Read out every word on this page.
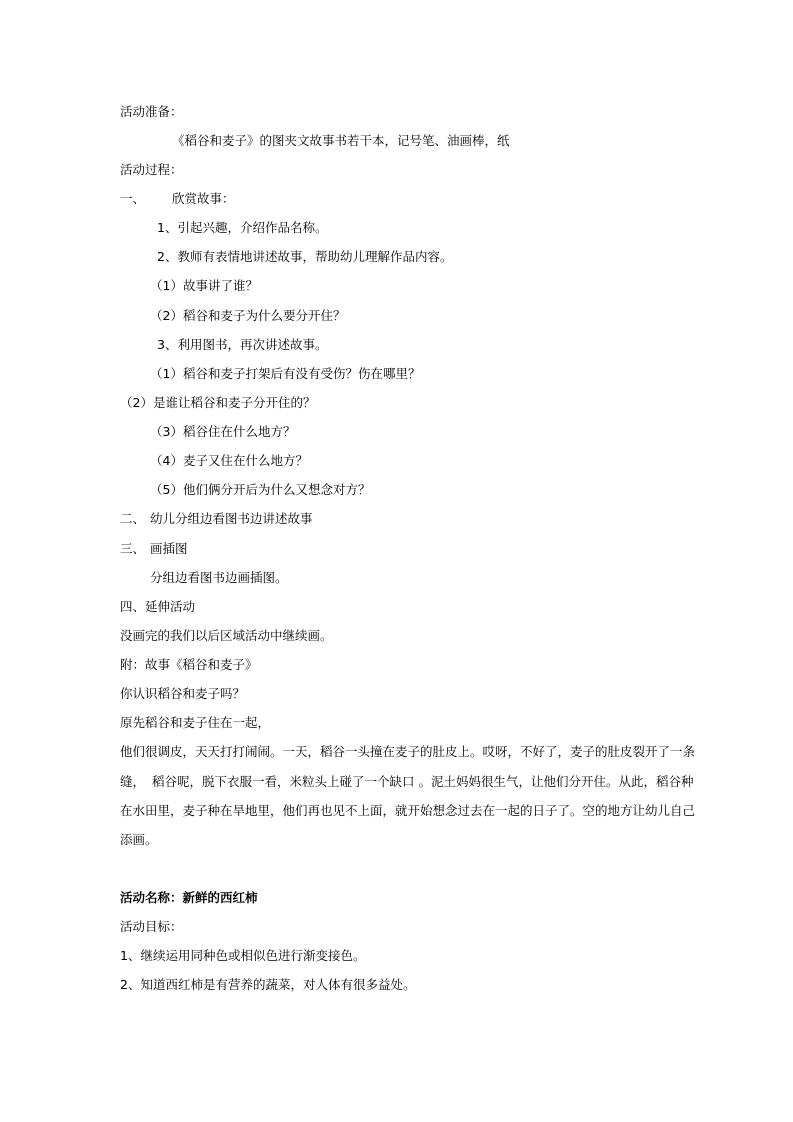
活动准备：
《稻谷和麦子》的图夹文故事书若干本，记号笔、油画棒，纸
活动过程：
一、 欣赏故事：
1、引起兴趣，介绍作品名称。
2、教师有表情地讲述故事，帮助幼儿理解作品内容。
（1）故事讲了谁？
（2）稻谷和麦子为什么要分开住？
3、利用图书，再次讲述故事。
（1）稻谷和麦子打架后有没有受伤？伤在哪里？
（2）是谁让稻谷和麦子分开住的？
（3）稻谷住在什么地方？
（4）麦子又住在什么地方？
（5）他们俩分开后为什么又想念对方？
二、 幼儿分组边看图书边讲述故事
三、 画插图
分组边看图书边画插图。
四、延伸活动
没画完的我们以后区域活动中继续画。
附：故事《稻谷和麦子》
你认识稻谷和麦子吗？
原先稻谷和麦子住在一起，
他们很调皮，天天打打闹闹。一天，稻谷一头撞在麦子的肚皮上。哎呀，不好了，麦子的肚皮裂开了一条
缝， 稻谷呢，脱下衣服一看，米粒头上碰了一个缺口 。泥土妈妈很生气，让他们分开住。从此，稻谷种
在水田里，麦子种在旱地里，他们再也见不上面，就开始想念过去在一起的日子了。空的地方让幼儿自己
添画。
活动名称：新鲜的西红柿
活动目标：
1、继续运用同种色或相似色进行渐变接色。
2、知道西红柿是有营养的蔬菜，对人体有很多益处。
